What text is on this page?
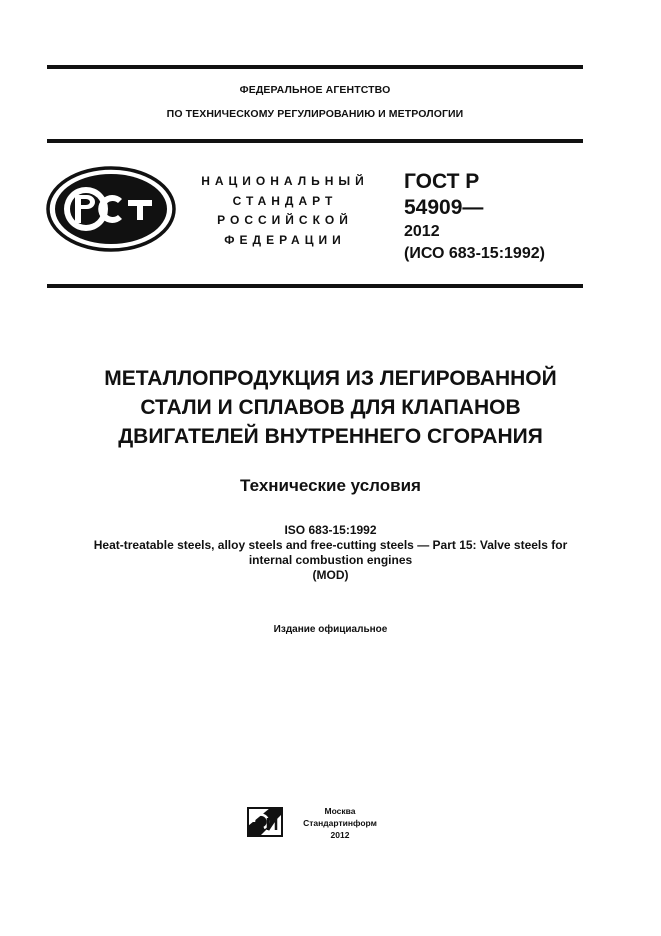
ФЕДЕРАЛЬНОЕ АГЕНТСТВО
ПО ТЕХНИЧЕСКОМУ РЕГУЛИРОВАНИЮ И МЕТРОЛОГИИ
НАЦИОНАЛЬНЫЙ
СТАНДАРТ
РОССИЙСКОЙ
ФЕДЕРАЦИИ
ГОСТ Р
54909—
2012
(ИСО 683-15:1992)
МЕТАЛЛОПРОДУКЦИЯ ИЗ ЛЕГИРОВАННОЙ
СТАЛИ И СПЛАВОВ ДЛЯ КЛАПАНОВ
ДВИГАТЕЛЕЙ ВНУТРЕННЕГО СГОРАНИЯ
Технические условия
ISO 683-15:1992
Heat-treatable steels, alloy steels and free-cutting steels — Part 15: Valve steels for
internal combustion engines
(MOD)
Издание официальное
Москва
Стандартинформ
2012
